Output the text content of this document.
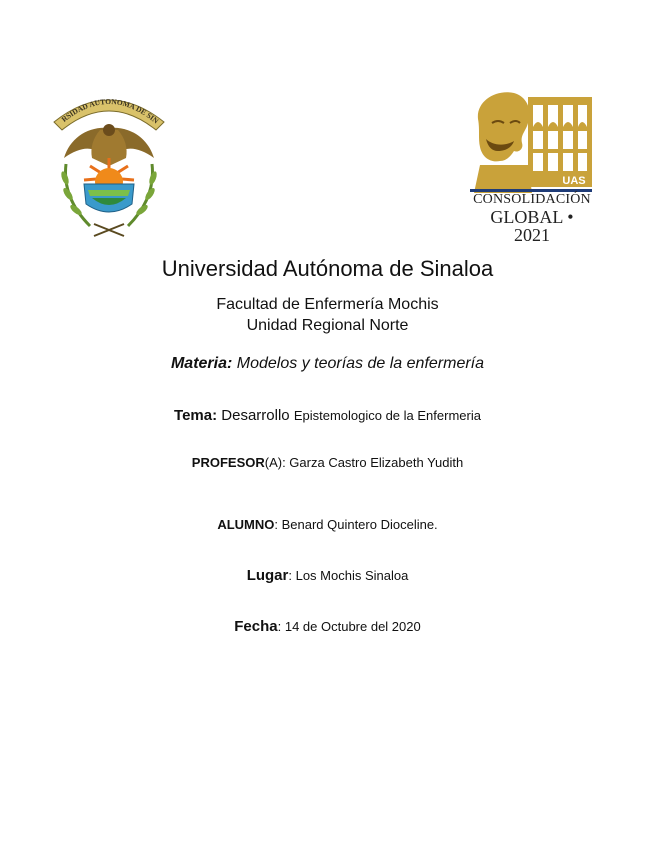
RSIDAD AUTONOMA DE SIN
UAS
CONSOLIDACIÓN
GLOBAL • 2021
Universidad Autónoma de Sinaloa
Facultad de Enfermería Mochis
Unidad Regional Norte
Materia: Modelos y teorías de la enfermería
Tema: Desarrollo Epistemologico de la Enfermeria
PROFESOR(A): Garza Castro Elizabeth Yudith
ALUMNO: Benard Quintero Dioceline.
Lugar: Los Mochis Sinaloa
Fecha: 14 de Octubre del 2020
